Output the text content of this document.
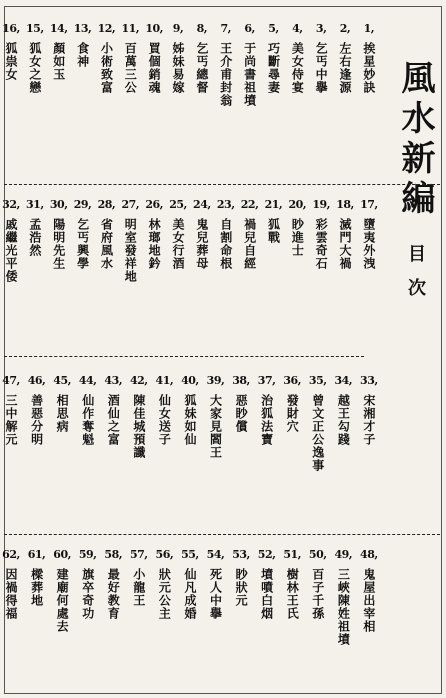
風水新編
目次
1,
挨星妙訣
2,
左右逢源
3,
乞丐中擧
4,
美女侍宴
5,
巧斷尋妻
6,
于尚書祖墳
7,
王介甫封翁
8,
乞丐總督
9,
姊妹易嫁
10,
買個銷魂
11,
百萬三公
12,
小術致富
13,
食神
14,
顏如玉
15,
狐女之戀
16,
狐祟女
17,
墮夷外洩
18,
滅門大禍
19,
彩雲奇石
20,
眇進士
21,
狐戰
22,
禍兒自經
23,
自割命根
24,
鬼兒葬母
25,
美女行酒
26,
林瑯地鈐
27,
明室發祥地
28,
省府風水
29,
乞丐興學
30,
陽明先生
31,
孟浩然
32,
戚繼光平倭
33,
宋湘才子
34,
越王勾踐
35,
曾文正公逸事
36,
發財穴
37,
治狐法寶
38,
惡眇償
39,
大家見閻王
40,
狐妹如仙
41,
仙女送子
42,
陳佳城預讖
43,
酒仙之富
44,
仙作奪魁
45,
相思病
46,
善惡分明
47,
三中解元
48,
鬼屋出宰相
49,
三峽陳姓祖墳
50,
百子千孫
51,
樹林王氏
52,
墳噴白烟
53,
眇狀元
54,
死人中擧
55,
仙凡成婚
56,
狀元公主
57,
小龍王
58,
最好教育
59,
旗卒奇功
60,
建廟何處去
61,
樑葬地
62,
因禍得福
